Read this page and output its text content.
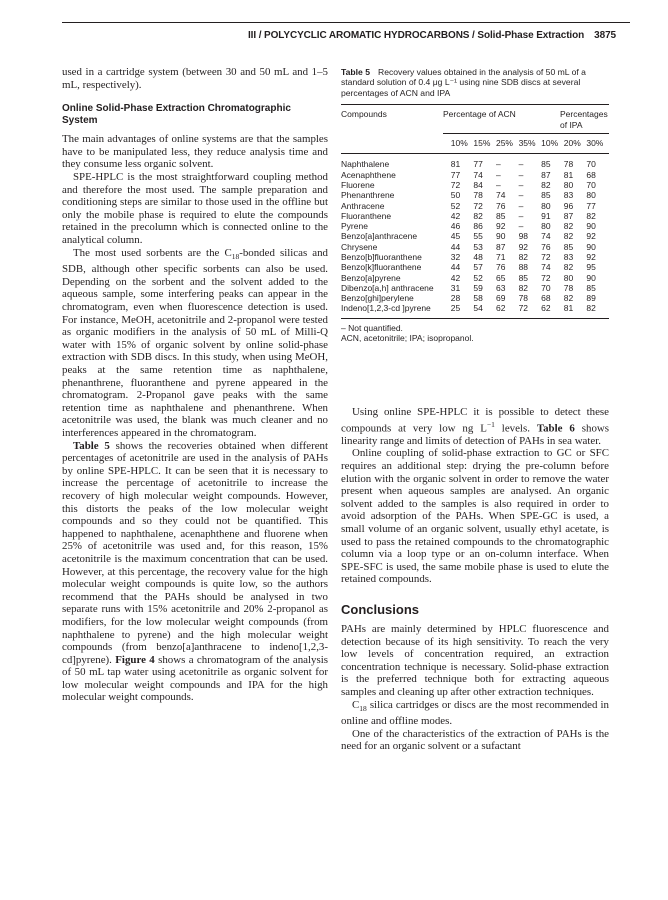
III / POLYCYCLIC AROMATIC HYDROCARBONS / Solid-Phase Extraction 3875

used in a cartridge system (between 30 and 50 mL and 1–5 mL, respectively).

Online Solid-Phase Extraction Chromatographic System

The main advantages of online systems are that the samples have to be manipulated less, they reduce analysis time and they consume less organic solvent.

SPE-HPLC is the most straightforward coupling method and therefore the most used. The sample preparation and conditioning steps are similar to those used in the offline but only the mobile phase is required to elute the compounds retained in the precolumn which is connected online to the analytical column.

The most used sorbents are the $C_{18}$-bonded silicas and SDB, although other specific sorbents can also be used. Depending on the sorbent and the solvent added to the aqueous sample, some interfering peaks can appear in the chromatogram, even when fluorescence detection is used. For instance, MeOH, acetonitrile and 2-propanol were tested as organic modifiers in the analysis of 50 mL of Milli-Q water with 15% of organic solvent by online solid-phase extraction with SDB discs. In this study, when using MeOH, peaks at the same retention time as naphthalene, phenanthrene, fluoranthene and pyrene appeared in the chromatogram. 2-Propanol gave peaks with the same retention time as naphthalene and phenanthrene. When acetonitrile was used, the blank was much cleaner and no interferences appeared in the chromatogram.

Table 5 shows the recoveries obtained when different percentages of acetonitrile are used in the analysis of PAHs by online SPE-HPLC. It can be seen that it is necessary to increase the percentage of acetonitrile to increase the recovery of high molecular weight compounds. However, this distorts the peaks of the low molecular weight compounds and so they could not be quantified. This happened to naphthalene, acenaphthene and fluorene when 25% of acetonitrile was used and, for this reason, 15% acetonitrile is the maximum concentration that can be used. However, at this percentage, the recovery value for the high molecular weight compounds is quite low, so the authors recommend that the PAHs should be analysed in two separate runs with 15% acetonitrile and 20% 2-propanol as modifiers, for the low molecular weight compounds (from naphthalene to pyrene) and the high molecular weight compounds (from benzo[a]anthracene to indeno[1,2,3-cd]pyrene). Figure 4 shows a chromatogram of the analysis of 50 mL tap water using acetonitrile as organic solvent for low molecular weight compounds and IPA for the high molecular weight compounds.

Table 5 Recovery values obtained in the analysis of 50 mL of a standard solution of 0.4 μg L⁻¹ using nine SDB discs at several percentages of ACN and IPA
Compounds	Percentage of ACN	Percentages of IPA
	10%	15%	25%	35%	10%	20%	30%
Naphthalene	81	77	–	–	85	78	70
Acenaphthene	77	74	–	–	87	81	68
Fluorene	72	84	–	–	82	80	70
Phenanthrene	50	78	74	–	85	83	80
Anthracene	52	72	76	–	80	96	77
Fluoranthene	42	82	85	–	91	87	82
Pyrene	46	86	92	–	80	82	90
Benzo[a]anthracene	45	55	90	98	74	82	92
Chrysene	44	53	87	92	76	85	90
Benzo[b]fluoranthene	32	48	71	82	72	83	92
Benzo[k]fluoranthene	44	57	76	88	74	82	95
Benzo[a]pyrene	42	52	65	85	72	80	90
Dibenzo[a,h] anthracene	31	59	63	82	70	78	85
Benzo[ghi]perylene	28	58	69	78	68	82	89
Indeno[1,2,3-cd ]pyrene	25	54	62	72	62	81	82
– Not quantified.
ACN, acetonitrile; IPA; isopropanol.

Using online SPE-HPLC it is possible to detect these compounds at very low ng $L^{-1}$ levels. Table 6 shows linearity range and limits of detection of PAHs in sea water.

Online coupling of solid-phase extraction to GC or SFC requires an additional step: drying the pre-column before elution with the organic solvent in order to remove the water present when aqueous samples are analysed. An organic solvent added to the samples is also required in order to avoid adsorption of the PAHs. When SPE-GC is used, a small volume of an organic solvent, usually ethyl acetate, is used to pass the retained compounds to the chromatographic column via a loop type or an on-column interface. When SPE-SFC is used, the same mobile phase is used to elute the retained compounds.

Conclusions

PAHs are mainly determined by HPLC fluorescence and detection because of its high sensitivity. To reach the very low levels of concentration required, an extraction concentration technique is necessary. Solid-phase extraction is the preferred technique both for extracting aqueous samples and cleaning up after other extraction techniques.

$C_{18}$ silica cartridges or discs are the most recommended in online and offline modes.

One of the characteristics of the extraction of PAHs is the need for an organic solvent or a sufactant
